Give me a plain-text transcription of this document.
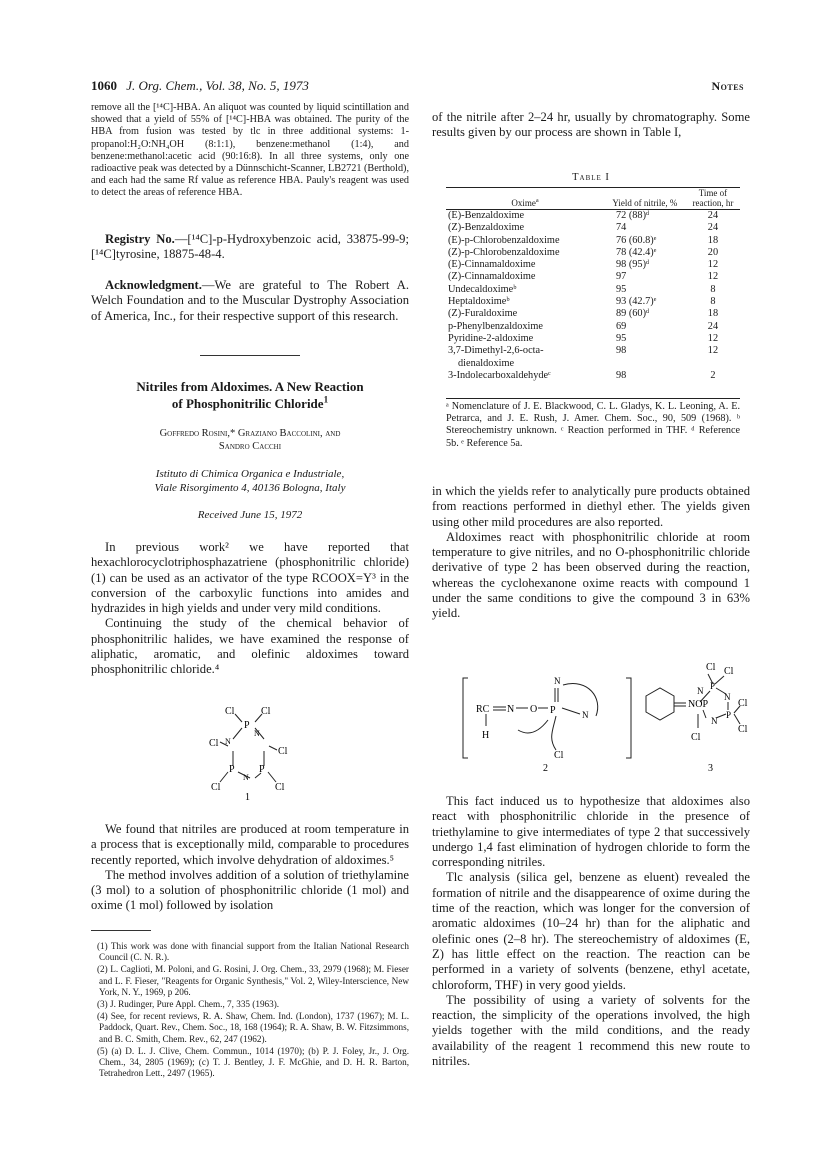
1060 J. Org. Chem., Vol. 38, No. 5, 1973	Notes

remove all the [¹⁴C]-HBA. An aliquot was counted by liquid scintillation and showed that a yield of 55% of [¹⁴C]-HBA was obtained. The purity of the HBA from fusion was tested by tlc in three additional systems: 1-propanol:H₂O:NH₄OH (8:1:1), benzene:methanol (1:4), and benzene:methanol:acetic acid (90:16:8). In all three systems, only one radioactive peak was detected by a Dünnschicht-Scanner, LB2721 (Berthold), and each had the same Rf value as reference HBA. Pauly's reagent was used to detect the areas of reference HBA.

Registry No.—[¹⁴C]-p-Hydroxybenzoic acid, 33875-99-9; [¹⁴C]tyrosine, 18875-48-4.

Acknowledgment.—We are grateful to The Robert A. Welch Foundation and to the Muscular Dystrophy Association of America, Inc., for their respective support of this research.

Nitriles from Aldoximes. A New Reaction
of Phosphonitrilic Chloride$^1$
Goffredo Rosini,* Graziano Baccolini, and
Sandro Cacchi
Istituto di Chimica Organica e Industriale,
Viale Risorgimento 4, 40136 Bologna, Italy
Received June 15, 1972

In previous work² we have reported that hexachlorocyclotriphosphazatriene (phosphonitrilic chloride) (1) can be used as an activator of the type RCOOX=Y³ in the conversion of the carboxylic functions into amides and hydrazides in high yields and under very mild conditions.

Continuing the study of the chemical behavior of phosphonitrilic halides, we have examined the response of aliphatic, aromatic, and olefinic aldoximes toward phosphonitrilic chloride.⁴

Cl	Cl
P
N
Cl N
Cl
P
N
P
Cl	Cl
1

We found that nitriles are produced at room temperature in a process that is exceptionally mild, comparable to procedures recently reported, which involve dehydration of aldoximes.⁵

The method involves addition of a solution of triethylamine (3 mol) to a solution of phosphonitrilic chloride (1 mol) and oxime (1 mol) followed by isolation

(1) This work was done with financial support from the Italian National Research Council (C. N. R.).

(2) L. Caglioti, M. Poloni, and G. Rosini, J. Org. Chem., 33, 2979 (1968); M. Fieser and L. F. Fieser, "Reagents for Organic Synthesis," Vol. 2, Wiley-Interscience, New York, N. Y., 1969, p 206.

(3) J. Rudinger, Pure Appl. Chem., 7, 335 (1963).

(4) See, for recent reviews, R. A. Shaw, Chem. Ind. (London), 1737 (1967); M. L. Paddock, Quart. Rev., Chem. Soc., 18, 168 (1964); R. A. Shaw, B. W. Fitzsimmons, and B. C. Smith, Chem. Rev., 62, 247 (1962).

(5) (a) D. L. J. Clive, Chem. Commun., 1014 (1970); (b) P. J. Foley, Jr., J. Org. Chem., 34, 2805 (1969); (c) T. J. Bentley, J. F. McGhie, and D. H. R. Barton, Tetrahedron Lett., 2497 (1965).

of the nitrile after 2–24 hr, usually by chromatography. Some results given by our process are shown in Table I,

Table I
Oxime$^a$	Yield of nitrile, %	Time of reaction, hr
(E)-Benzaldoxime	72 (88)ᵈ	24
(Z)-Benzaldoxime	74	24
(E)-p-Chlorobenzaldoxime	76 (60.8)ᵉ	18
(Z)-p-Chlorobenzaldoxime	78 (42.4)ᵉ	20
(E)-Cinnamaldoxime	98 (95)ᵈ	12
(Z)-Cinnamaldoxime	97	12
Undecaldoximeᵇ	95	8
Heptaldoximeᵇ	93 (42.7)ᵉ	8
(Z)-Furaldoxime	89 (60)ᵈ	18
p-Phenylbenzaldoxime	69	24
Pyridine-2-aldoxime	95	12
3,7-Dimethyl-2,6-octa-	98	12
dienaldoxime		
3-Indolecarboxaldehydeᶜ	98	2
ᵃ Nomenclature of J. E. Blackwood, C. L. Gladys, K. L. Leoning, A. E. Petrarca, and J. E. Rush, J. Amer. Chem. Soc., 90, 509 (1968). ᵇ Stereochemistry unknown. ᶜ Reaction performed in THF. ᵈ Reference 5b. ᵉ Reference 5a.

in which the yields refer to analytically pure products obtained from reactions performed in diethyl ether. The yields given using other mild procedures are also reported.

Aldoximes react with phosphonitrilic chloride at room temperature to give nitriles, and no O-phosphonitrilic chloride derivative of type 2 has been observed during the reaction, whereas the cyclohexanone oxime reacts with compound 1 under the same conditions to give the compound 3 in 63% yield.

RC N O P
N
N
H
Cl
2
NOP
Cl Cl
P
N
N
N
P
Cl
Cl
Cl
3

This fact induced us to hypothesize that aldoximes also react with phosphonitrilic chloride in the presence of triethylamine to give intermediates of type 2 that successively undergo 1,4 fast elimination of hydrogen chloride to form the corresponding nitriles.

Tlc analysis (silica gel, benzene as eluent) revealed the formation of nitrile and the disappearence of oxime during the time of the reaction, which was longer for the conversion of aromatic aldoximes (10–24 hr) than for the aliphatic and olefinic ones (2–8 hr). The stereochemistry of aldoximes (E, Z) has little effect on the reaction. The reaction can be performed in a variety of solvents (benzene, ethyl acetate, chloroform, THF) in very good yields.

The possibility of using a variety of solvents for the reaction, the simplicity of the operations involved, the high yields together with the mild conditions, and the ready availability of the reagent 1 recommend this new route to nitriles.
